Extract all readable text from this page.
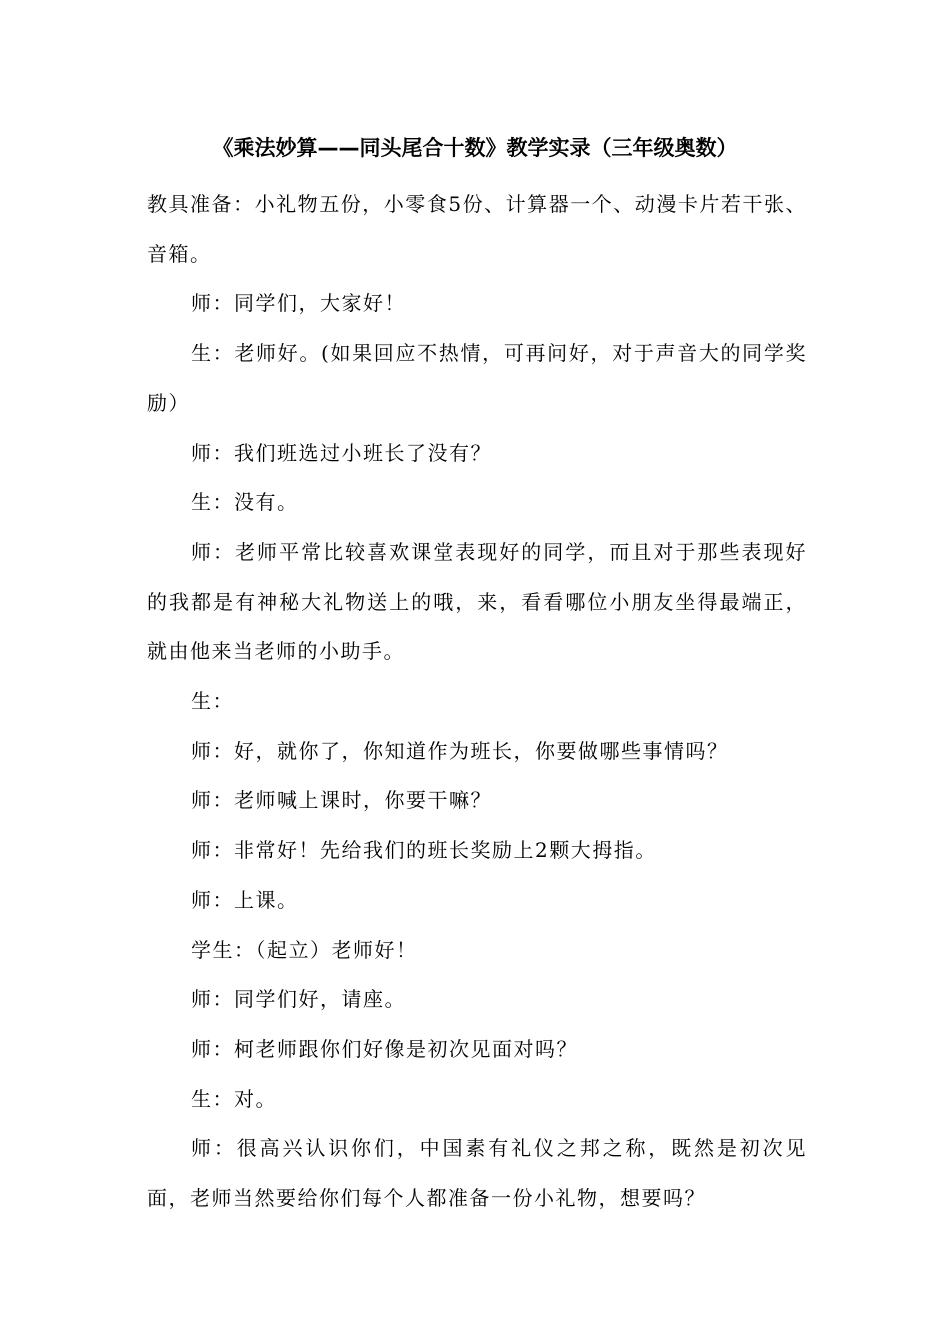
《乘法妙算——同头尾合十数》教学实录（三年级奥数）

教具准备：小礼物五份，小零食5份、计算器一个、动漫卡片若干张、音箱。

师：同学们，大家好！

生：老师好。(如果回应不热情，可再问好，对于声音大的同学奖励）

师：我们班选过小班长了没有？

生：没有。

师：老师平常比较喜欢课堂表现好的同学，而且对于那些表现好的我都是有神秘大礼物送上的哦，来，看看哪位小朋友坐得最端正，就由他来当老师的小助手。

生：

师：好，就你了，你知道作为班长，你要做哪些事情吗？

师：老师喊上课时，你要干嘛？

师：非常好！先给我们的班长奖励上2颗大拇指。

师：上课。

学生：（起立）老师好！

师：同学们好，请座。

师：柯老师跟你们好像是初次见面对吗？

生：对。

师：很高兴认识你们，中国素有礼仪之邦之称，既然是初次见面，老师当然要给你们每个人都准备一份小礼物，想要吗？
